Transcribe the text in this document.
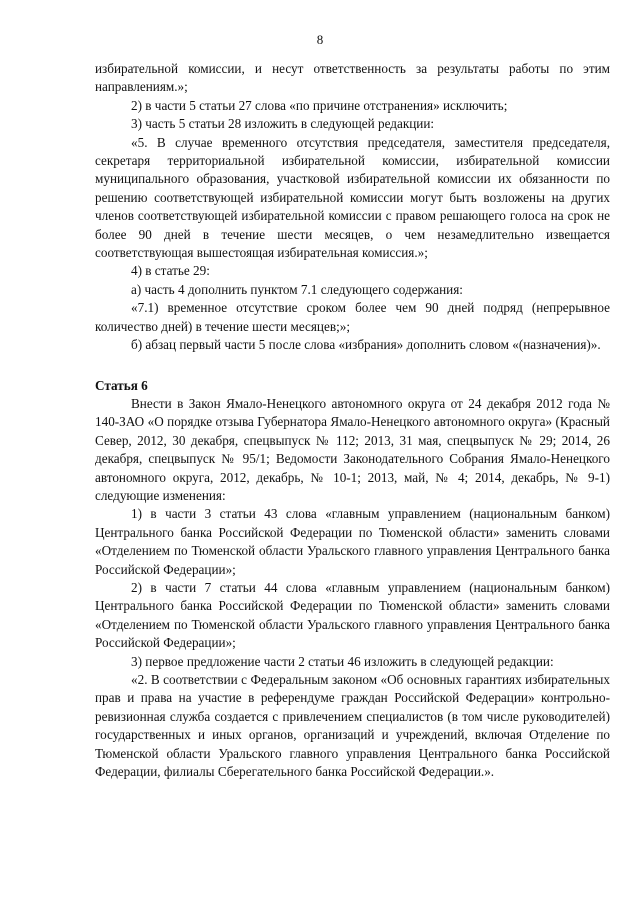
8

избирательной комиссии, и несут ответственность за результаты работы по этим направлениям.»;

2) в части 5 статьи 27 слова «по причине отстранения» исключить;

3) часть 5 статьи 28 изложить в следующей редакции:

«5. В случае временного отсутствия председателя, заместителя председателя, секретаря территориальной избирательной комиссии, избирательной комиссии муниципального образования, участковой избирательной комиссии их обязанности по решению соответствующей избирательной комиссии могут быть возложены на других членов соответствующей избирательной комиссии с правом решающего голоса на срок не более 90 дней в течение шести месяцев, о чем незамедлительно извещается соответствующая вышестоящая избирательная комиссия.»;

4) в статье 29:

а) часть 4 дополнить пунктом 7.1 следующего содержания:

«7.1) временное отсутствие сроком более чем 90 дней подряд (непрерывное количество дней) в течение шести месяцев;»;

б) абзац первый части 5 после слова «избрания» дополнить словом «(назначения)».

Статья 6

Внести в Закон Ямало-Ненецкого автономного округа от 24 декабря 2012 года № 140-ЗАО «О порядке отзыва Губернатора Ямало-Ненецкого автономного округа» (Красный Север, 2012, 30 декабря, спецвыпуск № 112; 2013, 31 мая, спецвыпуск № 29; 2014, 26 декабря, спецвыпуск № 95/1; Ведомости Законодательного Собрания Ямало-Ненецкого автономного округа, 2012, декабрь, № 10-1; 2013, май, № 4; 2014, декабрь, № 9-1) следующие изменения:

1) в части 3 статьи 43 слова «главным управлением (национальным банком) Центрального банка Российской Федерации по Тюменской области» заменить словами «Отделением по Тюменской области Уральского главного управления Центрального банка Российской Федерации»;

2) в части 7 статьи 44 слова «главным управлением (национальным банком) Центрального банка Российской Федерации по Тюменской области» заменить словами «Отделением по Тюменской области Уральского главного управления Центрального банка Российской Федерации»;

3) первое предложение части 2 статьи 46 изложить в следующей редакции:

«2. В соответствии с Федеральным законом «Об основных гарантиях избирательных прав и права на участие в референдуме граждан Российской Федерации» контрольно-ревизионная служба создается с привлечением специалистов (в том числе руководителей) государственных и иных органов, организаций и учреждений, включая Отделение по Тюменской области Уральского главного управления Центрального банка Российской Федерации, филиалы Сберегательного банка Российской Федерации.».
